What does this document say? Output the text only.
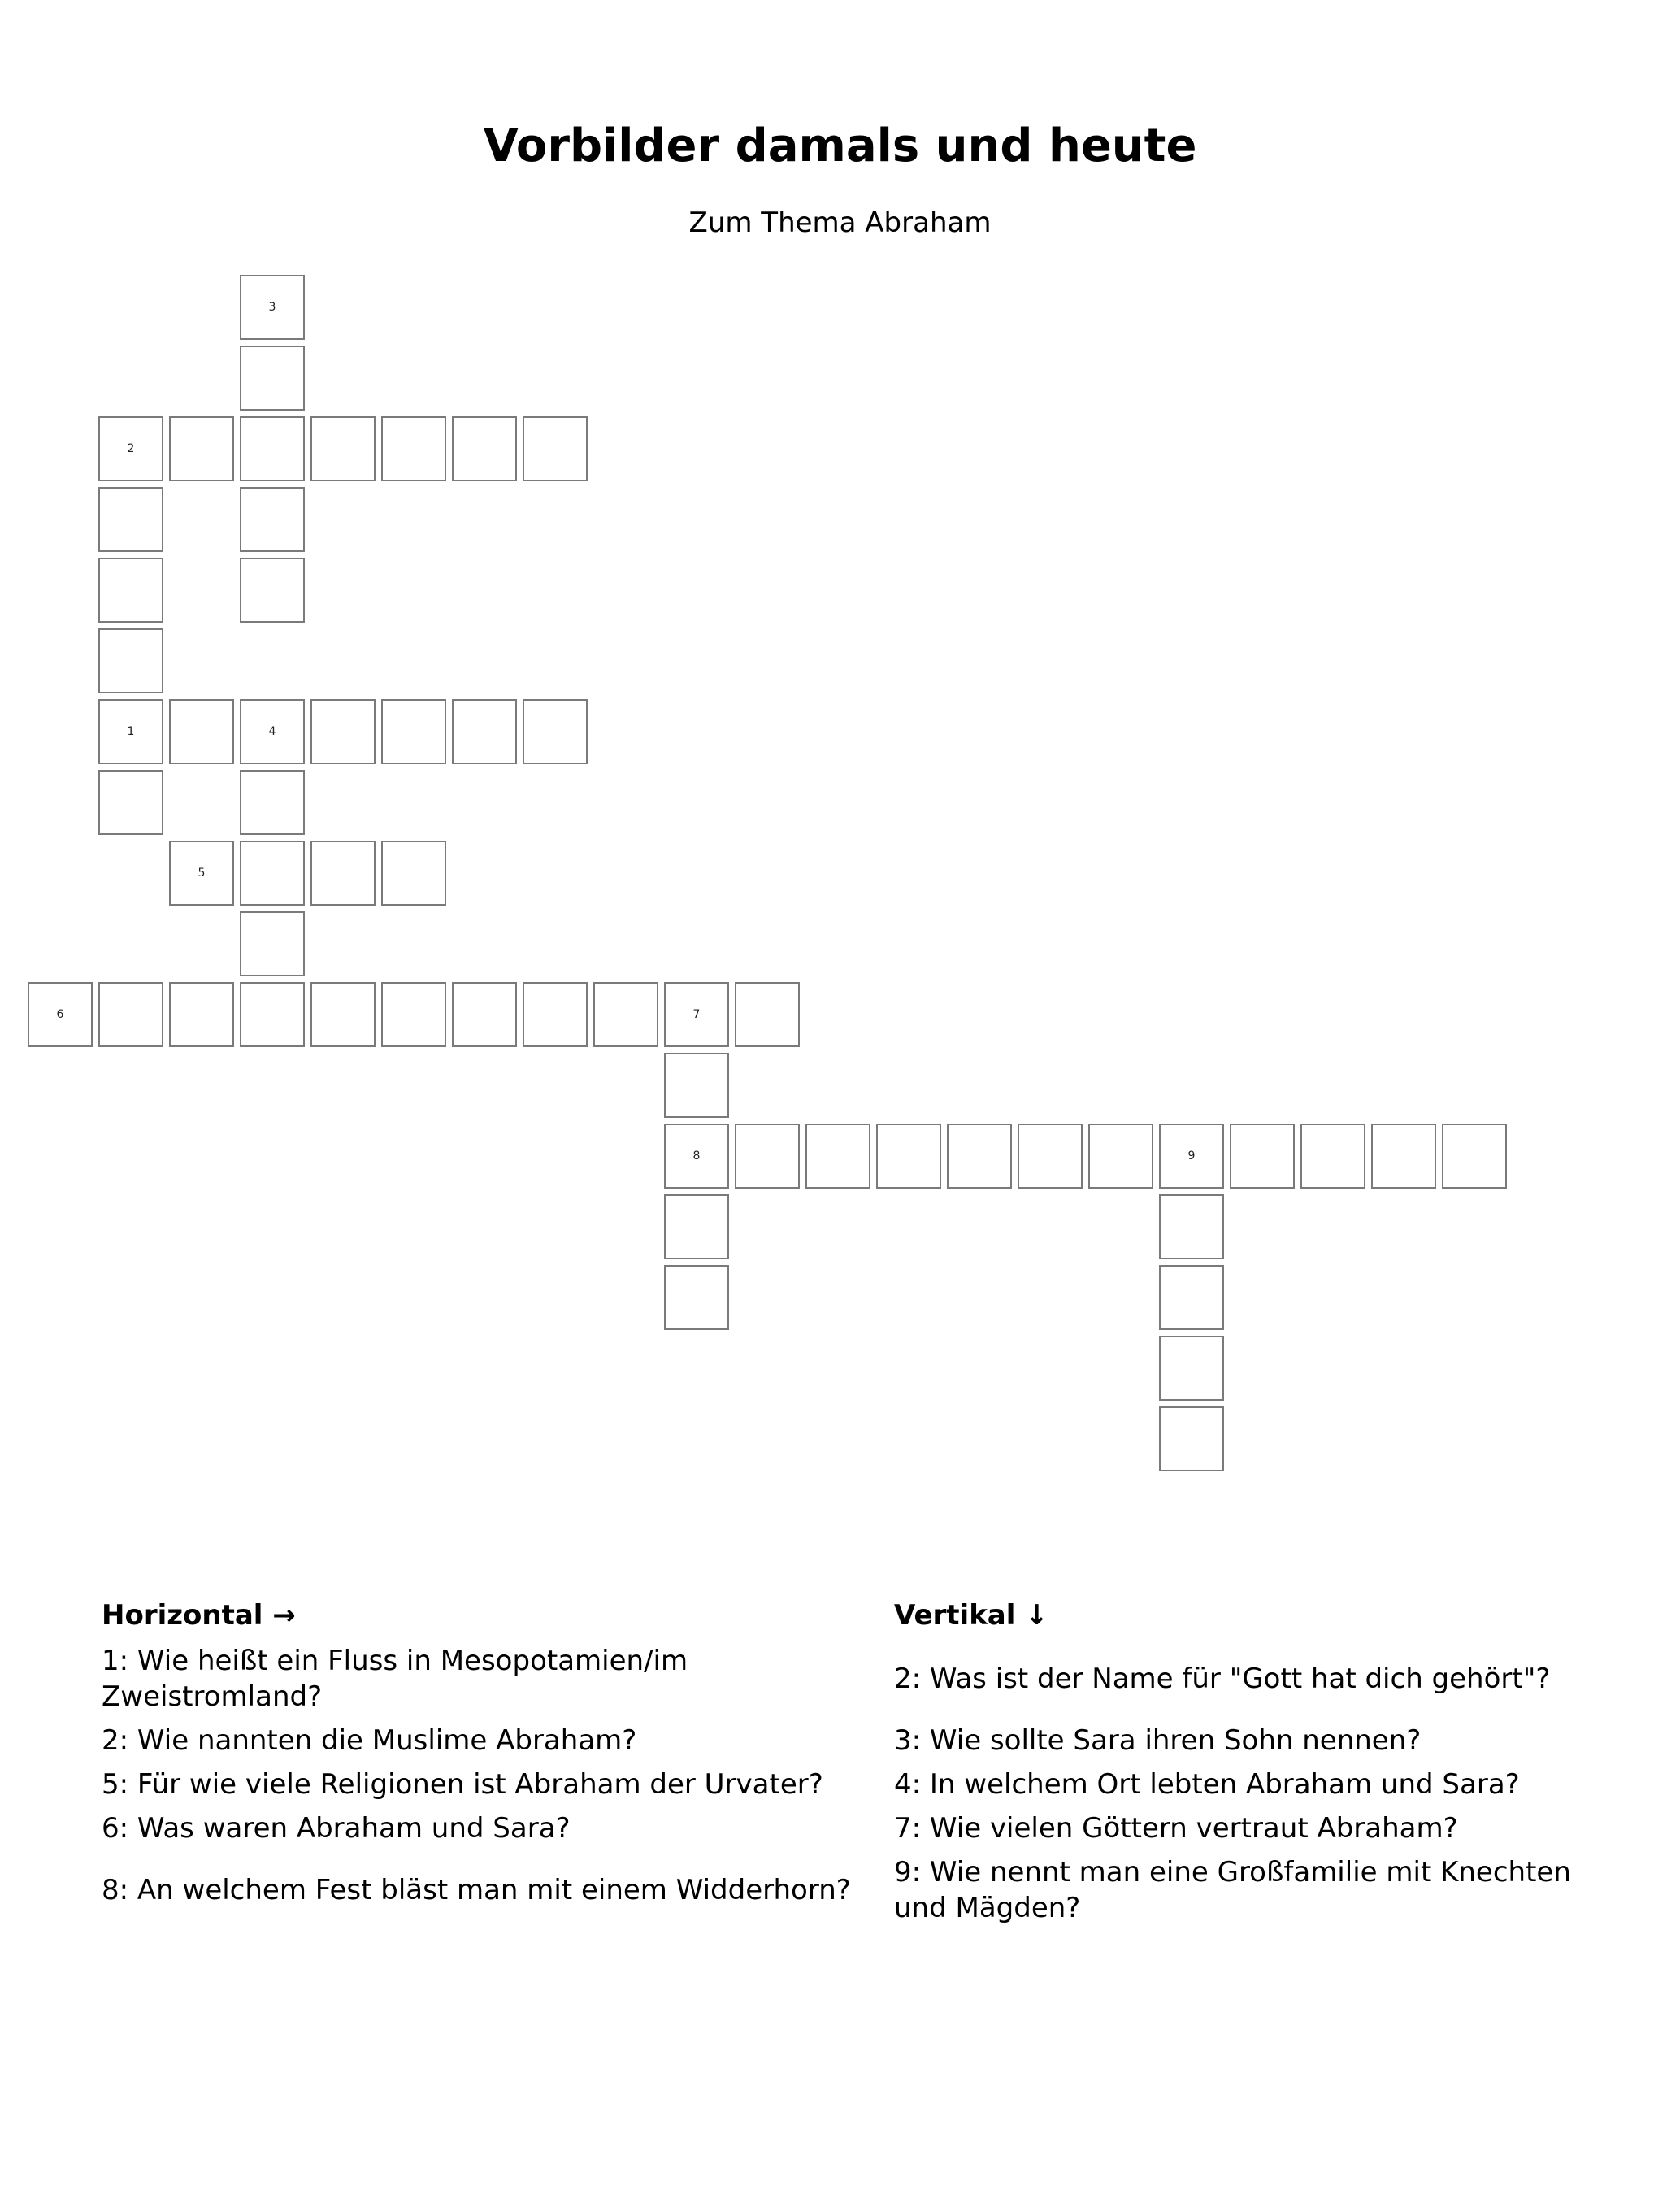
Vorbilder damals und heute
Zum Thema Abraham
3
2
1	4
5
6	7
8	9
Horizontal →
1: Wie heißt ein Fluss in Mesopotamien/im Zweistromland?
2: Wie nannten die Muslime Abraham?
5: Für wie viele Religionen ist Abraham der Urvater?
6: Was waren Abraham und Sara?
8: An welchem Fest bläst man mit einem Widderhorn?
Vertikal ↓
2: Was ist der Name für "Gott hat dich gehört"?
3: Wie sollte Sara ihren Sohn nennen?
4: In welchem Ort lebten Abraham und Sara?
7: Wie vielen Göttern vertraut Abraham?
9: Wie nennt man eine Großfamilie mit Knechten und Mägden?
